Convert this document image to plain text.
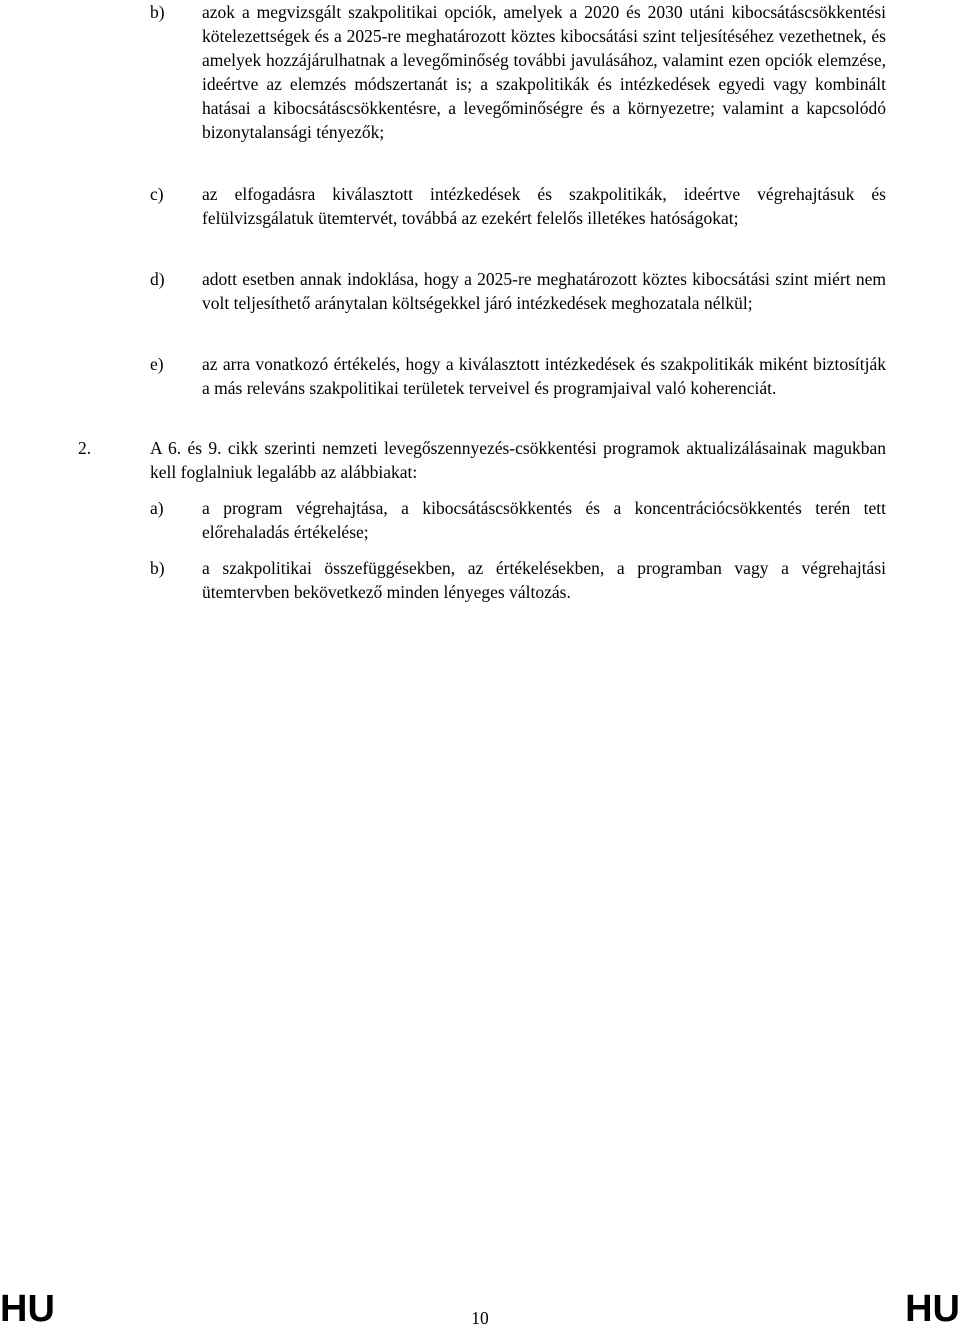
b) azok a megvizsgált szakpolitikai opciók, amelyek a 2020 és 2030 utáni kibocsátáscsökkentési kötelezettségek és a 2025-re meghatározott köztes kibocsátási szint teljesítéséhez vezethetnek, és amelyek hozzájárulhatnak a levegőminőség további javulásához, valamint ezen opciók elemzése, ideértve az elemzés módszertanát is; a szakpolitikák és intézkedések egyedi vagy kombinált hatásai a kibocsátáscsökkentésre, a levegőminőségre és a környezetre; valamint a kapcsolódó bizonytalansági tényezők;
c) az elfogadásra kiválasztott intézkedések és szakpolitikák, ideértve végrehajtásuk és felülvizsgálatuk ütemtervét, továbbá az ezekért felelős illetékes hatóságokat;
d) adott esetben annak indoklása, hogy a 2025-re meghatározott köztes kibocsátási szint miért nem volt teljesíthető aránytalan költségekkel járó intézkedések meghozatala nélkül;
e) az arra vonatkozó értékelés, hogy a kiválasztott intézkedések és szakpolitikák miként biztosítják a más releváns szakpolitikai területek terveivel és programjaival való koherenciát.
2.	A 6. és 9. cikk szerinti nemzeti levegőszennyezés-csökkentési programok aktualizálásainak magukban kell foglalniuk legalább az alábbiakat:
a) a program végrehajtása, a kibocsátáscsökkentés és a koncentrációcsökkentés terén tett előrehaladás értékelése;
b) a szakpolitikai összefüggésekben, az értékelésekben, a programban vagy a végrehajtási ütemtervben bekövetkező minden lényeges változás.
HU	10	HU
